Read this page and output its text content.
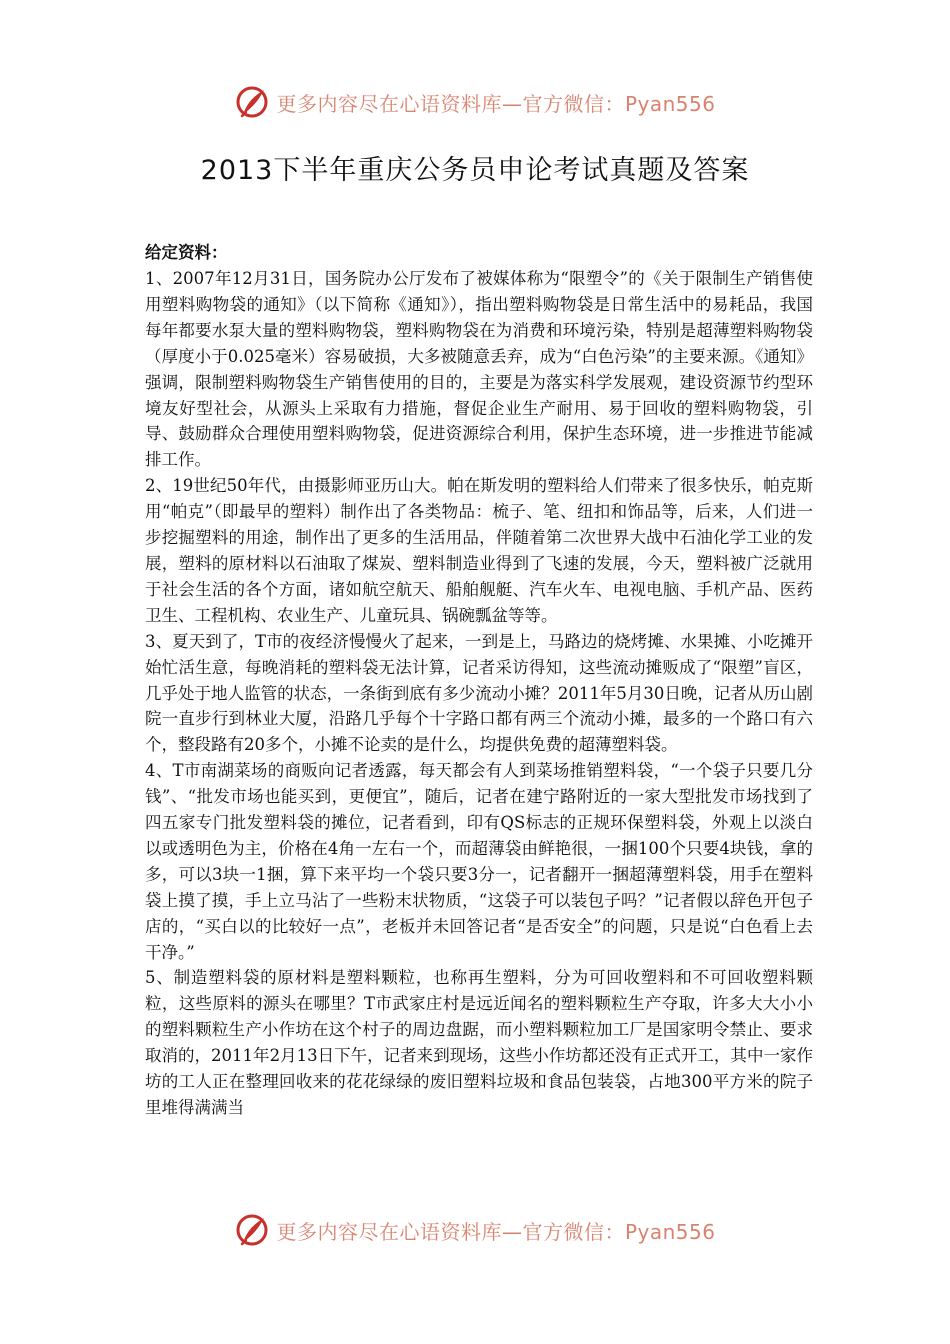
更多内容尽在心语资料库—官方微信：Pyan556
2013下半年重庆公务员申论考试真题及答案
给定资料：

1、2007年12月31日，国务院办公厅发布了被媒体称为“限塑令”的《关于限制生产销售使用塑料购物袋的通知》（以下简称《通知》），指出塑料购物袋是日常生活中的易耗品，我国每年都要水泵大量的塑料购物袋，塑料购物袋在为消费和环境污染，特别是超薄塑料购物袋（厚度小于0.025毫米）容易破损，大多被随意丢弃，成为“白色污染”的主要来源。《通知》强调，限制塑料购物袋生产销售使用的目的，主要是为落实科学发展观，建设资源节约型环境友好型社会，从源头上采取有力措施，督促企业生产耐用、易于回收的塑料购物袋，引导、鼓励群众合理使用塑料购物袋，促进资源综合利用，保护生态环境，进一步推进节能减排工作。

2、19世纪50年代，由摄影师亚历山大。帕在斯发明的塑料给人们带来了很多快乐，帕克斯用“帕克”（即最早的塑料）制作出了各类物品：梳子、笔、纽扣和饰品等，后来，人们进一步挖掘塑料的用途，制作出了更多的生活用品，伴随着第二次世界大战中石油化学工业的发展，塑料的原材料以石油取了煤炭、塑料制造业得到了飞速的发展，今天，塑料被广泛就用于社会生活的各个方面，诸如航空航天、船舶舰艇、汽车火车、电视电脑、手机产品、医药卫生、工程机构、农业生产、儿童玩具、锅碗瓢盆等等。

3、夏天到了，T市的夜经济慢慢火了起来，一到是上，马路边的烧烤摊、水果摊、小吃摊开始忙活生意，每晚消耗的塑料袋无法计算，记者采访得知，这些流动摊贩成了“限塑”盲区，几乎处于地人监管的状态，一条街到底有多少流动小摊？2011年5月30日晚，记者从历山剧院一直步行到林业大厦，沿路几乎每个十字路口都有两三个流动小摊，最多的一个路口有六个，整段路有20多个，小摊不论卖的是什么，均提供免费的超薄塑料袋。

4、T市南湖菜场的商贩向记者透露，每天都会有人到菜场推销塑料袋，“一个袋子只要几分钱”、“批发市场也能买到，更便宜”，随后，记者在建宁路附近的一家大型批发市场找到了四五家专门批发塑料袋的摊位，记者看到，印有QS标志的正规环保塑料袋，外观上以淡白以或透明色为主，价格在4角一左右一个，而超薄袋由鲜艳很，一捆100个只要4块钱，拿的多，可以3块一1捆，算下来平均一个袋只要3分一，记者翻开一捆超薄塑料袋，用手在塑料袋上摸了摸，手上立马沾了一些粉末状物质，“这袋子可以装包子吗？”记者假以辞色开包子店的，“买白以的比较好一点”，老板并未回答记者“是否安全”的问题，只是说“白色看上去干净。”

5、制造塑料袋的原材料是塑料颗粒，也称再生塑料，分为可回收塑料和不可回收塑料颗粒，这些原料的源头在哪里？T市武家庄村是远近闻名的塑料颗粒生产夺取，许多大大小小的塑料颗粒生产小作坊在这个村子的周边盘踞，而小塑料颗粒加工厂是国家明令禁止、要求取消的，2011年2月13日下午，记者来到现场，这些小作坊都还没有正式开工，其中一家作坊的工人正在整理回收来的花花绿绿的废旧塑料垃圾和食品包装袋，占地300平方米的院子里堆得满满当

更多内容尽在心语资料库—官方微信：Pyan556
